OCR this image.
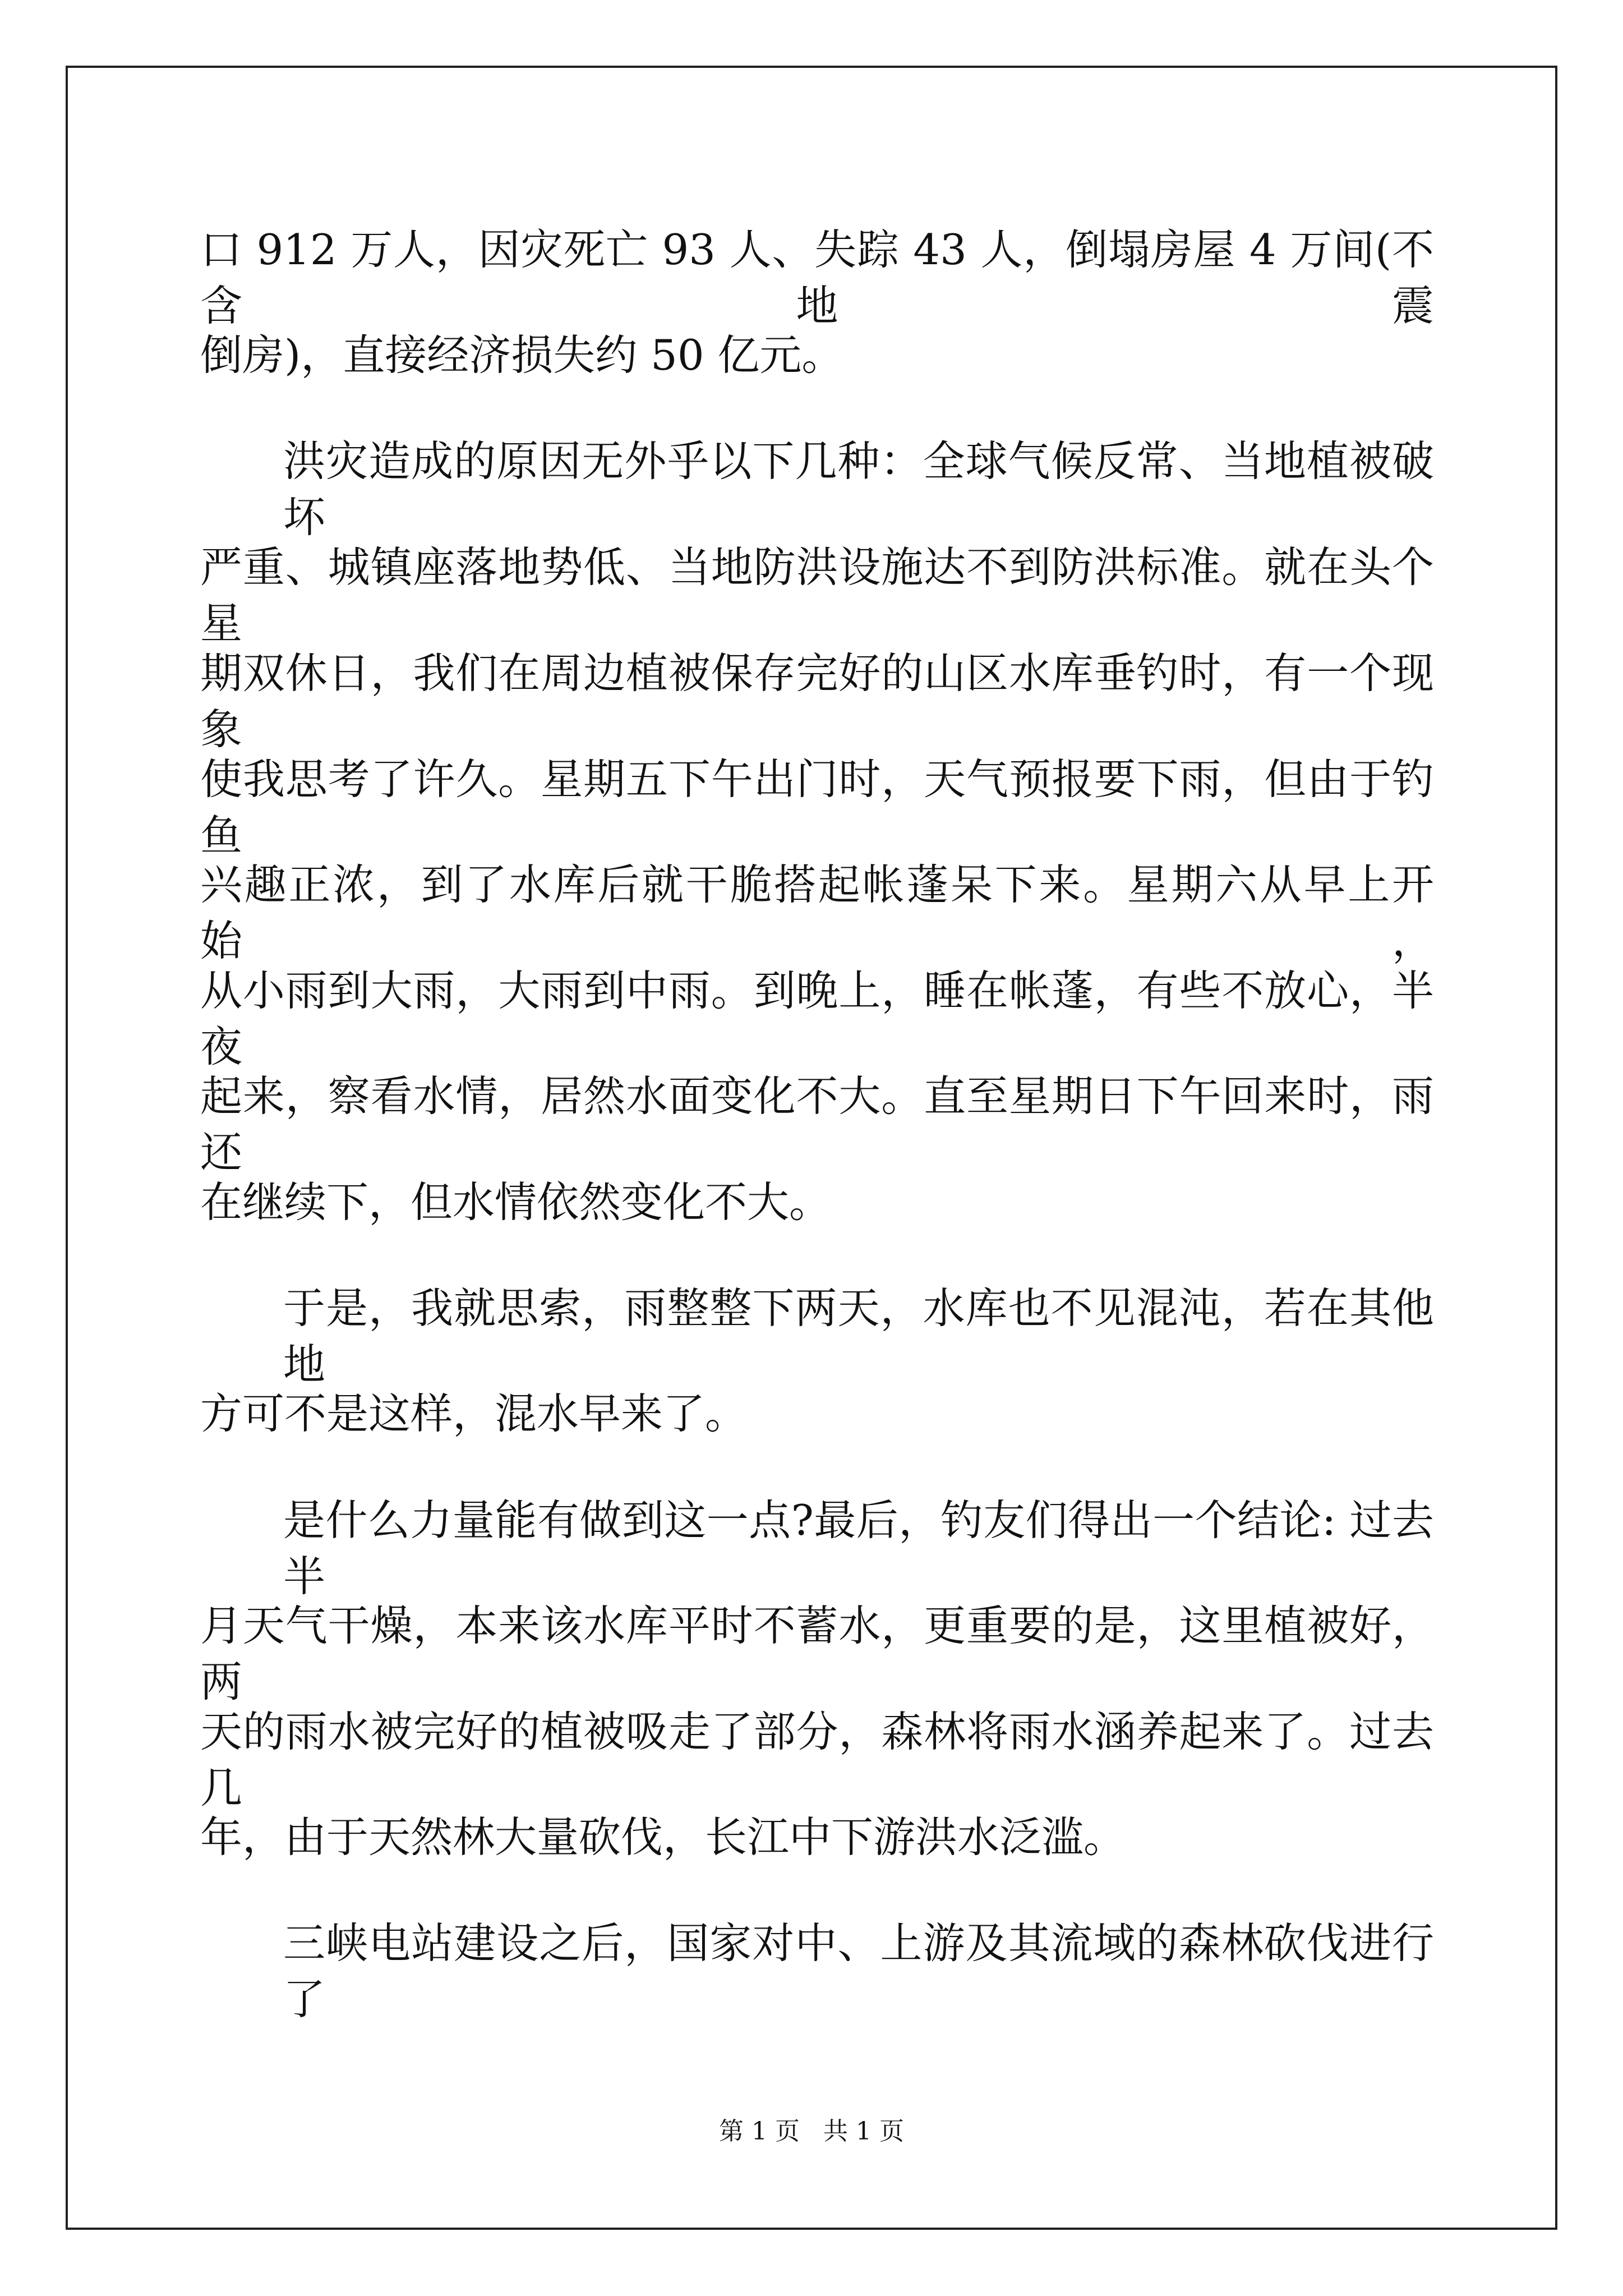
口 912 万人，因灾死亡 93 人、失踪 43 人，倒塌房屋 4 万间(不含地震
倒房)，直接经济损失约 50 亿元。
洪灾造成的原因无外乎以下几种：全球气候反常、当地植被破坏
严重、城镇座落地势低、当地防洪设施达不到防洪标准。就在头个星
期双休日，我们在周边植被保存完好的山区水库垂钓时，有一个现象
使我思考了许久。星期五下午出门时，天气预报要下雨，但由于钓鱼
兴趣正浓，到了水库后就干脆搭起帐蓬呆下来。星期六从早上开始，
从小雨到大雨，大雨到中雨。到晚上，睡在帐蓬，有些不放心，半夜
起来，察看水情，居然水面变化不大。直至星期日下午回来时，雨还
在继续下，但水情依然变化不大。
于是，我就思索，雨整整下两天，水库也不见混沌，若在其他地
方可不是这样，混水早来了。
是什么力量能有做到这一点?最后，钓友们得出一个结论: 过去半
月天气干燥，本来该水库平时不蓄水，更重要的是，这里植被好，两
天的雨水被完好的植被吸走了部分，森林将雨水涵养起来了。过去几
年，由于天然林大量砍伐，长江中下游洪水泛滥。
三峡电站建设之后，国家对中、上游及其流域的森林砍伐进行了
第 1 页 共 1 页
